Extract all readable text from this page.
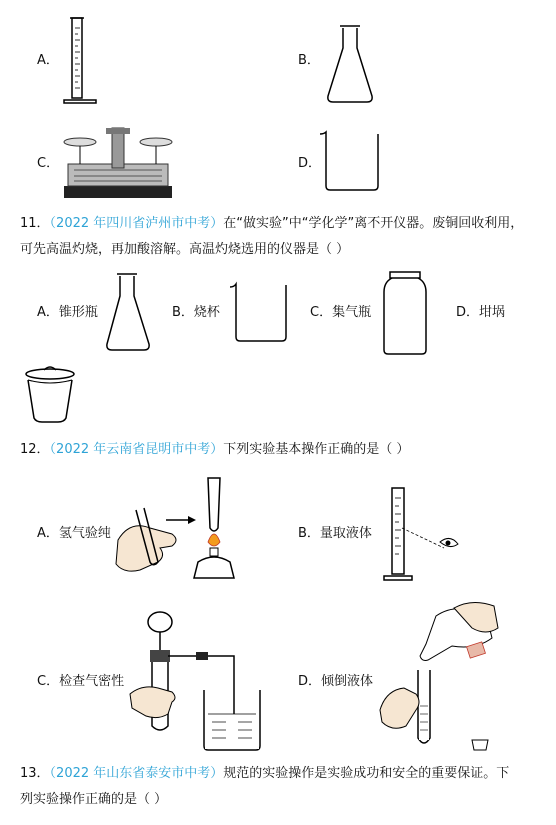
A．	B．
C．	D．
11．（2022 年四川省泸州市中考）在“做实验”中“学化学”离不开仪器。废铜回收利用，
可先高温灼烧，再加酸溶解。高温灼烧选用的仪器是（ ）
A．锥形瓶	B．烧杯	C．集气瓶	D．坩埚
12．（2022 年云南省昆明市中考）下列实验基本操作正确的是（ ）
A．氢气验纯	B．量取液体
C．检查气密性	D．倾倒液体
13．（2022 年山东省泰安市中考）规范的实验操作是实验成功和安全的重要保证。下
列实验操作正确的是（ ）
